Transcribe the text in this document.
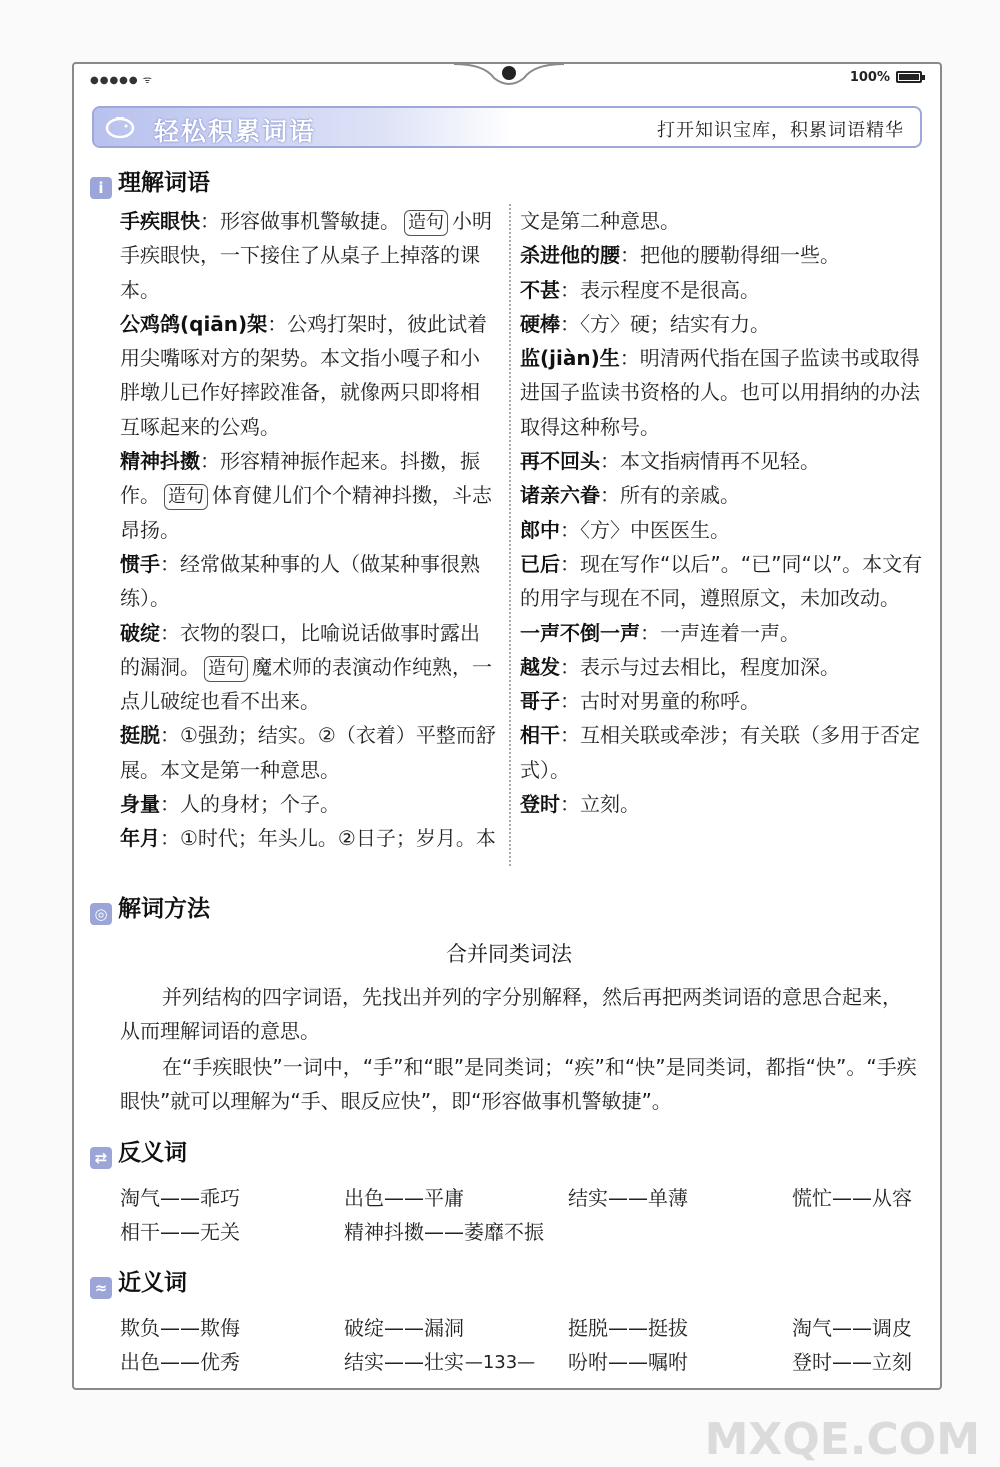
●●●●● ᯤ	100%
轻松积累词语	打开知识宝库，积累词语精华
i 理解词语

手疾眼快：形容做事机警敏捷。 造句 小明手疾眼快，一下接住了从桌子上掉落的课本。

公鸡鸽(qiān)架：公鸡打架时，彼此试着用尖嘴啄对方的架势。本文指小嘎子和小胖墩儿已作好摔跤准备，就像两只即将相互啄起来的公鸡。

精神抖擞：形容精神振作起来。抖擞，振作。 造句 体育健儿们个个精神抖擞，斗志昂扬。

惯手：经常做某种事的人（做某种事很熟练）。

破绽：衣物的裂口，比喻说话做事时露出的漏洞。 造句 魔术师的表演动作纯熟，一点儿破绽也看不出来。

挺脱：①强劲；结实。②（衣着）平整而舒展。本文是第一种意思。

身量：人的身材；个子。

年月：①时代；年头儿。②日子；岁月。本

文是第二种意思。

杀进他的腰：把他的腰勒得细一些。

不甚：表示程度不是很高。

硬棒：〈方〉硬；结实有力。

监(jiàn)生：明清两代指在国子监读书或取得进国子监读书资格的人。也可以用捐纳的办法取得这种称号。

再不回头：本文指病情再不见轻。

诸亲六眷：所有的亲戚。

郎中：〈方〉中医医生。

已后：现在写作“以后”。“已”同“以”。本文有的用字与现在不同，遵照原文，未加改动。

一声不倒一声：一声连着一声。

越发：表示与过去相比，程度加深。

哥子：古时对男童的称呼。

相干：互相关联或牵涉；有关联（多用于否定式）。

登时：立刻。

◎ 解词方法
合并同类词法
并列结构的四字词语，先找出并列的字分别解释，然后再把两类词语的意思合起来，从而理解词语的意思。
在“手疾眼快”一词中，“手”和“眼”是同类词；“疾”和“快”是同类词，都指“快”。“手疾眼快”就可以理解为“手、眼反应快”，即“形容做事机警敏捷”。
⇄ 反义词
淘气——乖巧	出色——平庸	结实——单薄	慌忙——从容
相干——无关	精神抖擞——萎靡不振
≈ 近义词
欺负——欺侮	破绽——漏洞	挺脱——挺拔	淘气——调皮
出色——优秀	结实——壮实	吩咐——嘱咐	登时——立刻
—133—
MXQE.COM
